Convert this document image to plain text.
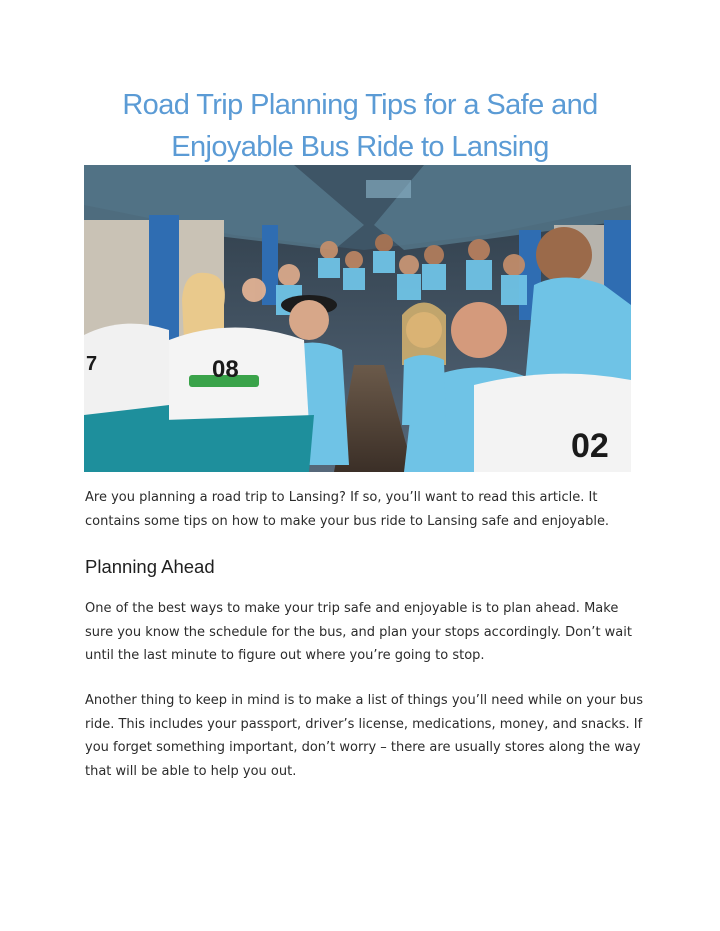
Road Trip Planning Tips for a Safe and
Enjoyable Bus Ride to Lansing
7	08
02

Are you planning a road trip to Lansing? If so, you’ll want to read this article. It contains some tips on how to make your bus ride to Lansing safe and enjoyable.

Planning Ahead

One of the best ways to make your trip safe and enjoyable is to plan ahead. Make sure you know the schedule for the bus, and plan your stops accordingly. Don’t wait until the last minute to figure out where you’re going to stop.

Another thing to keep in mind is to make a list of things you’ll need while on your bus ride. This includes your passport, driver’s license, medications, money, and snacks. If you forget something important, don’t worry – there are usually stores along the way that will be able to help you out.
